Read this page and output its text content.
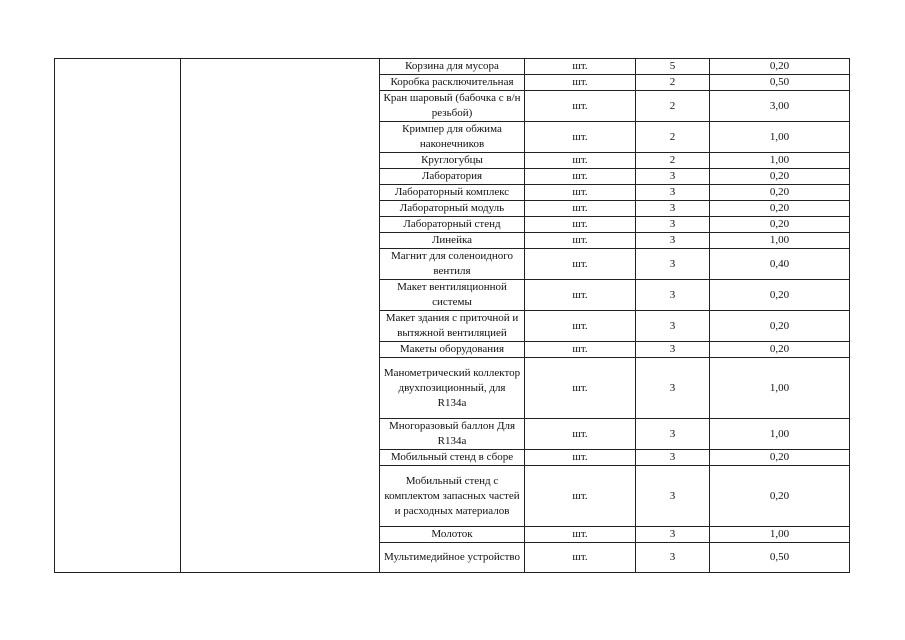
		Корзина для мусора	шт.	5	0,20
		Коробка расключительная	шт.	2	0,50
		Кран шаровый (бабочка с в/н резьбой)	шт.	2	3,00
		Кримпер для обжима наконечников	шт.	2	1,00
		Круглогубцы	шт.	2	1,00
		Лаборатория	шт.	3	0,20
		Лабораторный комплекс	шт.	3	0,20
		Лабораторный модуль	шт.	3	0,20
		Лабораторный стенд	шт.	3	0,20
		Линейка	шт.	3	1,00
		Магнит для соленоидного вентиля	шт.	3	0,40
		Макет вентиляционной системы	шт.	3	0,20
		Макет здания с приточной и вытяжной вентиляцией	шт.	3	0,20
		Макеты оборудования	шт.	3	0,20
		Манометрический коллектор двухпозиционный, для R134a	шт.	3	1,00
		Многоразовый баллон Для R134a	шт.	3	1,00
		Мобильный стенд в сборе	шт.	3	0,20
		Мобильный стенд с комплектом запасных частей и расходных материалов	шт.	3	0,20
		Молоток	шт.	3	1,00
		Мультимедийное устройство	шт.	3	0,50
